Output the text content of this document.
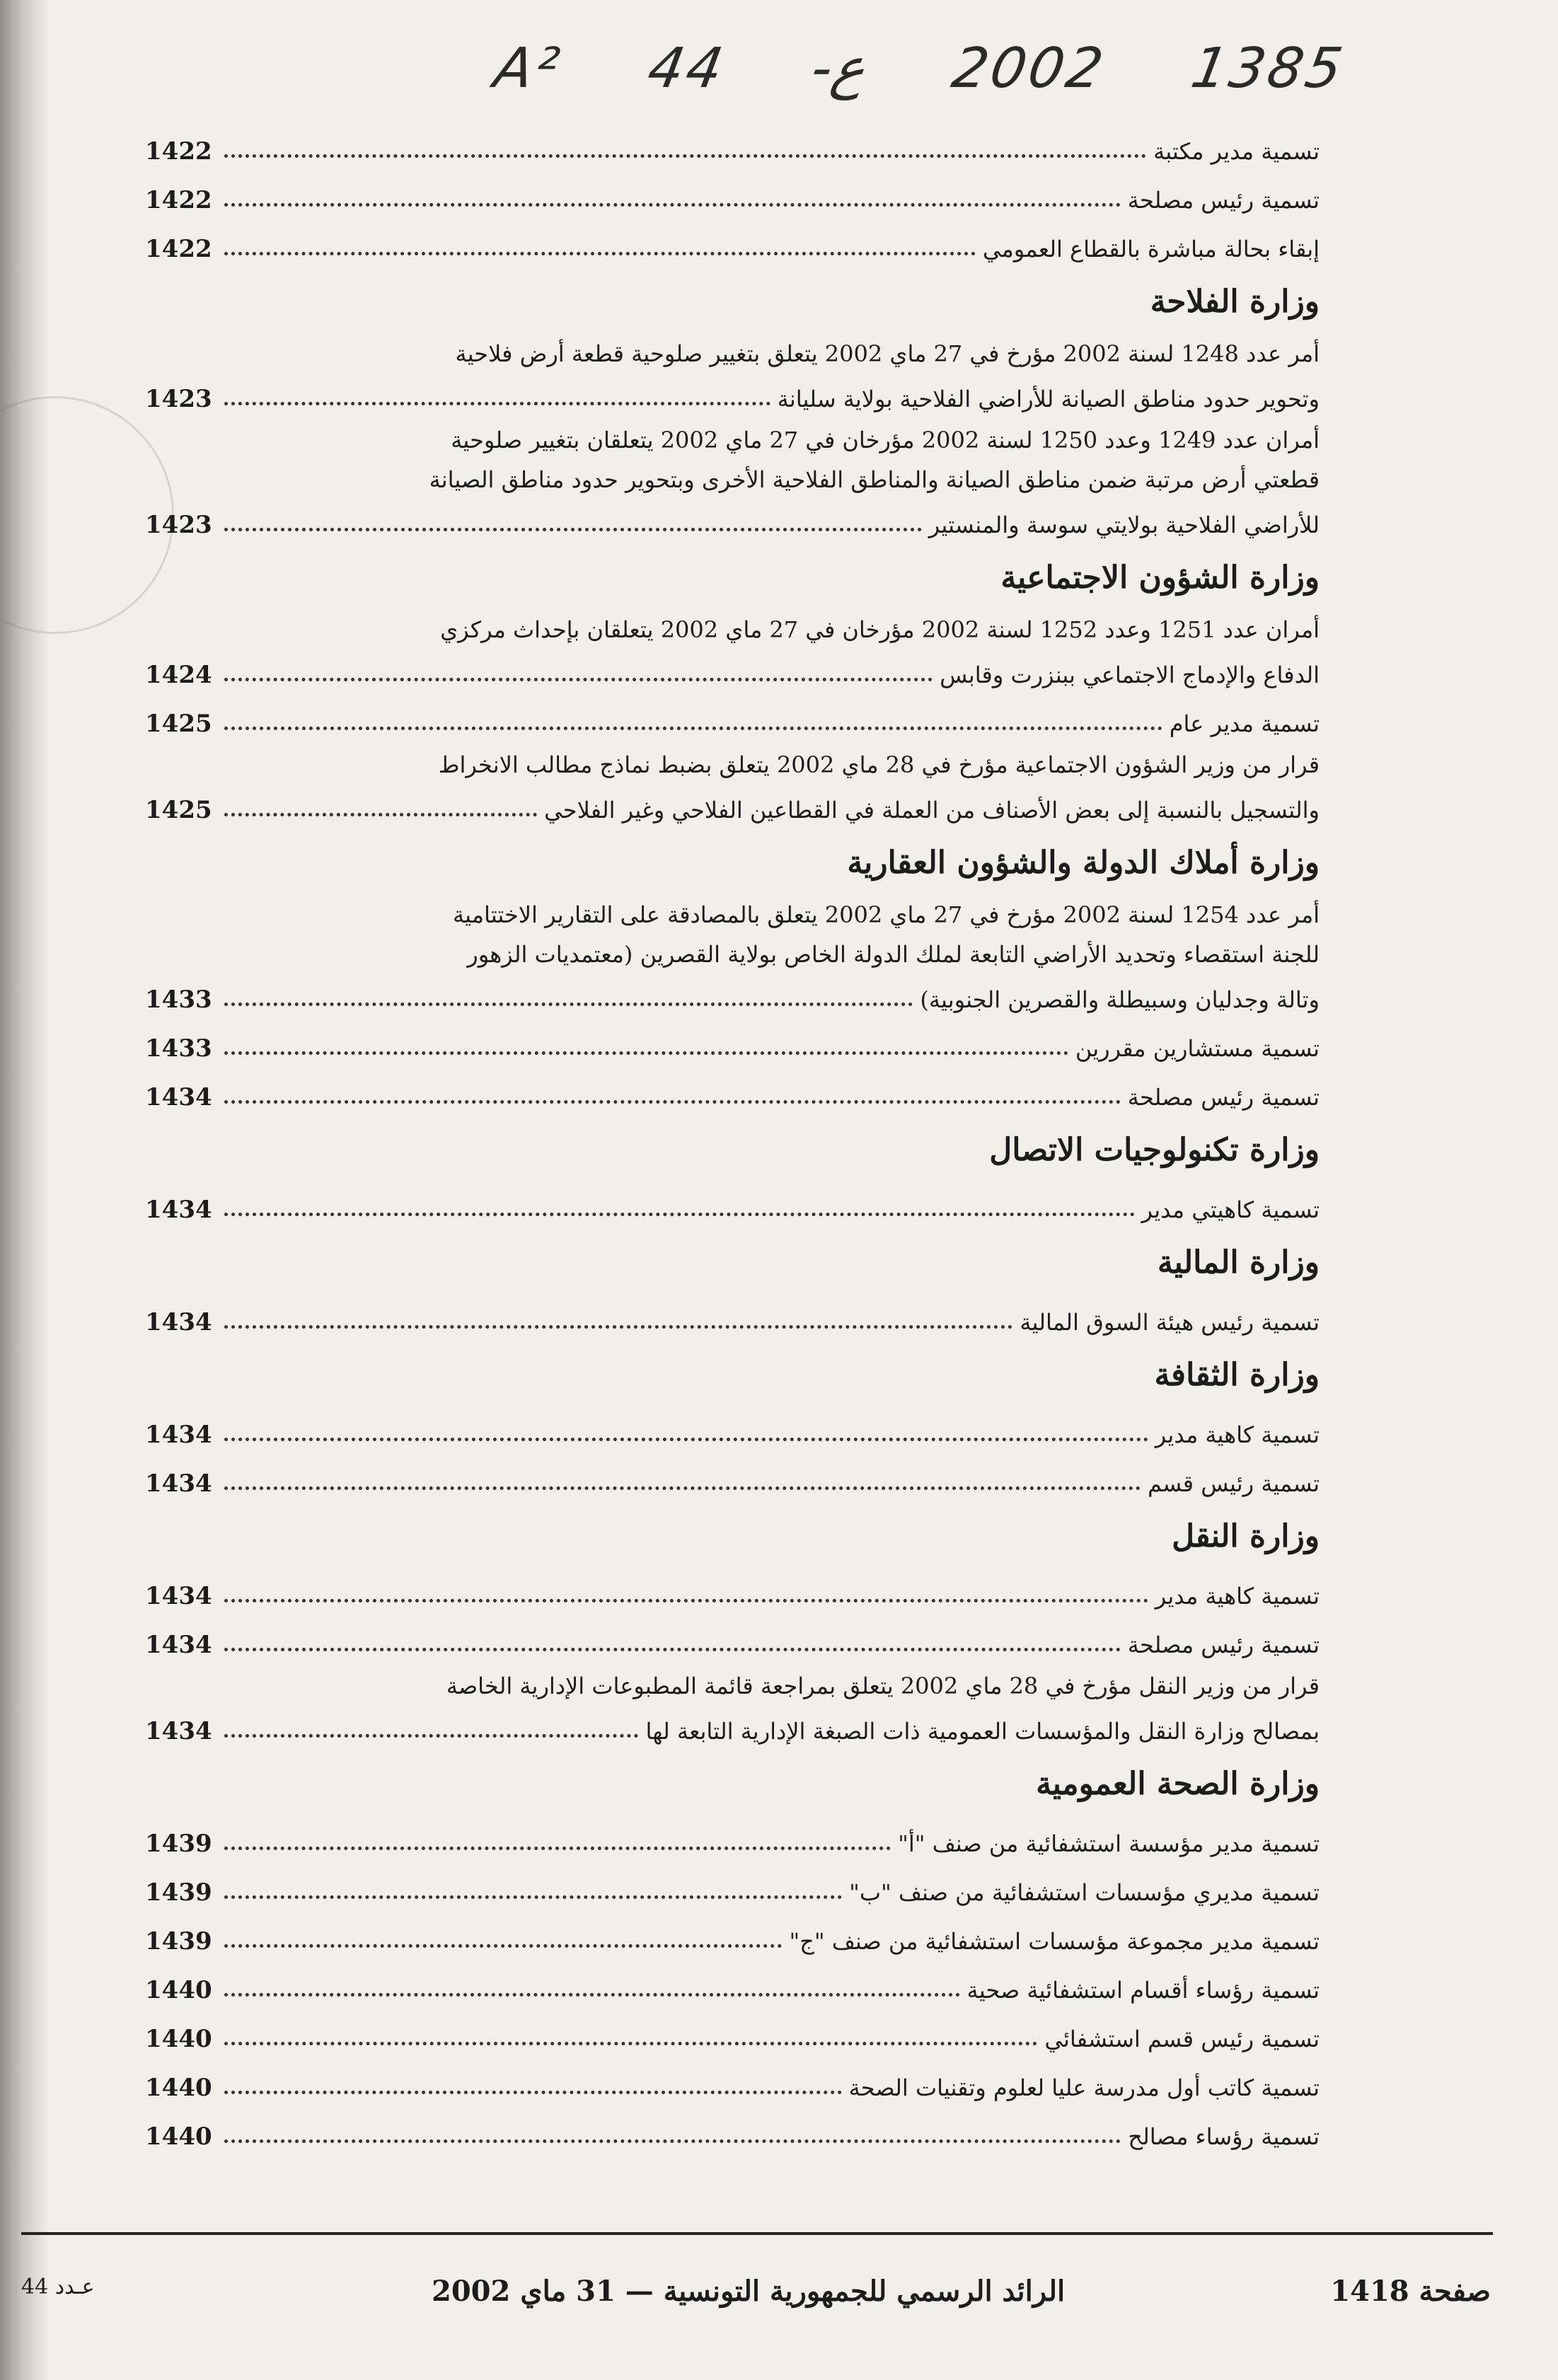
A² 44 -ع 2002 1385
تسمية مدير مكتبة
1422
تسمية رئيس مصلحة
1422
إبقاء بحالة مباشرة بالقطاع العمومي
1422
وزارة الفلاحة
أمر عدد 1248 لسنة 2002 مؤرخ في 27 ماي 2002 يتعلق بتغيير صلوحية قطعة أرض فلاحية
وتحوير حدود مناطق الصيانة للأراضي الفلاحية بولاية سليانة
1423
أمران عدد 1249 وعدد 1250 لسنة 2002 مؤرخان في 27 ماي 2002 يتعلقان بتغيير صلوحية
قطعتي أرض مرتبة ضمن مناطق الصيانة والمناطق الفلاحية الأخرى وبتحوير حدود مناطق الصيانة
للأراضي الفلاحية بولايتي سوسة والمنستير
1423
وزارة الشؤون الاجتماعية
أمران عدد 1251 وعدد 1252 لسنة 2002 مؤرخان في 27 ماي 2002 يتعلقان بإحداث مركزي
الدفاع والإدماج الاجتماعي ببنزرت وقابس
1424
تسمية مدير عام
1425
قرار من وزير الشؤون الاجتماعية مؤرخ في 28 ماي 2002 يتعلق بضبط نماذج مطالب الانخراط
والتسجيل بالنسبة إلى بعض الأصناف من العملة في القطاعين الفلاحي وغير الفلاحي
1425
وزارة أملاك الدولة والشؤون العقارية
أمر عدد 1254 لسنة 2002 مؤرخ في 27 ماي 2002 يتعلق بالمصادقة على التقارير الاختتامية
للجنة استقصاء وتحديد الأراضي التابعة لملك الدولة الخاص بولاية القصرين (معتمديات الزهور
وتالة وجدليان وسبيطلة والقصرين الجنوبية)
1433
تسمية مستشارين مقررين
1433
تسمية رئيس مصلحة
1434
وزارة تكنولوجيات الاتصال
تسمية كاهيتي مدير
1434
وزارة المالية
تسمية رئيس هيئة السوق المالية
1434
وزارة الثقافة
تسمية كاهية مدير
1434
تسمية رئيس قسم
1434
وزارة النقل
تسمية كاهية مدير
1434
تسمية رئيس مصلحة
1434
قرار من وزير النقل مؤرخ في 28 ماي 2002 يتعلق بمراجعة قائمة المطبوعات الإدارية الخاصة
بمصالح وزارة النقل والمؤسسات العمومية ذات الصبغة الإدارية التابعة لها
1434
وزارة الصحة العمومية
تسمية مدير مؤسسة استشفائية من صنف "أ"
1439
تسمية مديري مؤسسات استشفائية من صنف "ب"
1439
تسمية مدير مجموعة مؤسسات استشفائية من صنف "ج"
1439
تسمية رؤساء أقسام استشفائية صحية
1440
تسمية رئيس قسم استشفائي
1440
تسمية كاتب أول مدرسة عليا لعلوم وتقنيات الصحة
1440
تسمية رؤساء مصالح
1440
صفحة 1418
الرائد الرسمي للجمهورية التونسية — 31 ماي 2002
عـدد 44
